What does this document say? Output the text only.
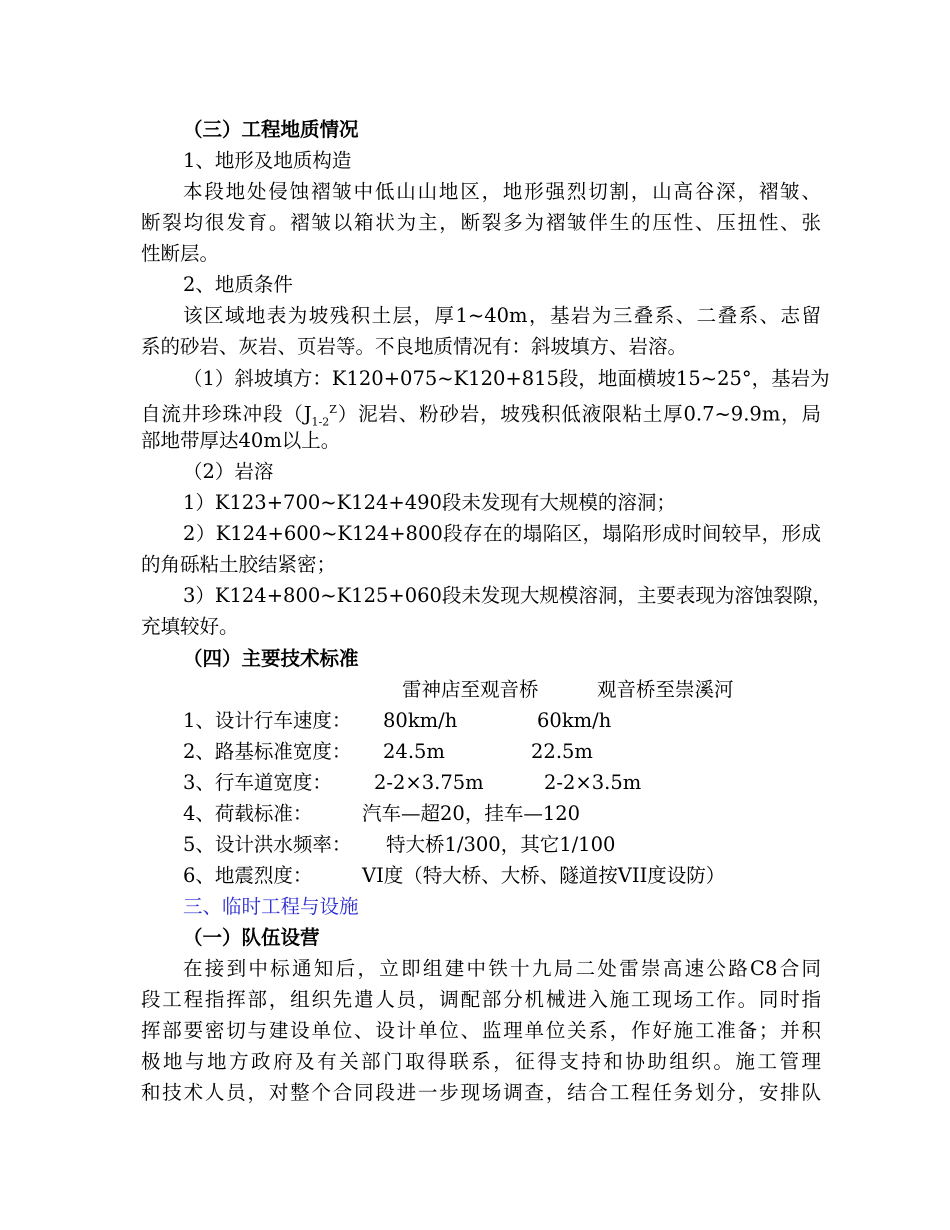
（三）工程地质情况
1、地形及地质构造
本段地处侵蚀褶皱中低山山地区，地形强烈切割，山高谷深，褶皱、
断裂均很发育。褶皱以箱状为主，断裂多为褶皱伴生的压性、压扭性、张
性断层。
2、地质条件
该区域地表为坡残积土层，厚1~40m，基岩为三叠系、二叠系、志留
系的砂岩、灰岩、页岩等。不良地质情况有：斜坡填方、岩溶。
（1）斜坡填方：K120+075~K120+815段，地面横坡15~25°，基岩为
自流井珍珠冲段$(J_{1-2}^Z)$泥岩、粉砂岩，坡残积低液限粘土厚0.7~9.9m，局
部地带厚达40m以上。
（2）岩溶
1）K123+700~K124+490段未发现有大规模的溶洞；
2）K124+600~K124+800段存在的塌陷区，塌陷形成时间较早，形成
的角砾粘土胶结紧密；
3）K124+800~K125+060段未发现大规模溶洞，主要表现为溶蚀裂隙，
充填较好。
（四）主要技术标准
雷神店至观音桥	观音桥至崇溪河
1、设计行车速度： 80km/h	60km/h
2、路基标准宽度： 24.5m	22.5m
3、行车道宽度： 2-2×3.75m	2-2×3.5m
4、荷载标准：	汽车—超20，挂车—120
5、设计洪水频率： 特大桥1/300，其它1/100
6、地震烈度：	VI度（特大桥、大桥、隧道按VII度设防）
三、临时工程与设施
（一）队伍设营
在接到中标通知后，立即组建中铁十九局二处雷崇高速公路C8合同
段工程指挥部，组织先遣人员，调配部分机械进入施工现场工作。同时指
挥部要密切与建设单位、设计单位、监理单位关系，作好施工准备；并积
极地与地方政府及有关部门取得联系，征得支持和协助组织。施工管理
和技术人员，对整个合同段进一步现场调查，结合工程任务划分，安排队
